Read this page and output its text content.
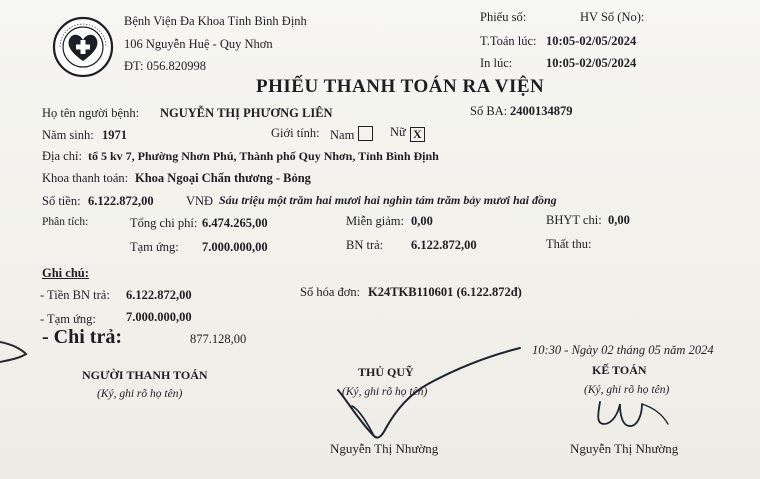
Bệnh Viện Đa Khoa Tỉnh Bình Định
106 Nguyễn Huệ - Quy Nhơn
ĐT: 056.820998
Phiếu số:	HV Số (No):
T.Toán lúc: 10:05-02/05/2024
In lúc:	10:05-02/05/2024
PHIẾU THANH TOÁN RA VIỆN
Họ tên người bệnh: NGUYỄN THỊ PHƯƠNG LIÊN	Số BA: 2400134879
Năm sinh: 1971	Giới tính: Nam	Nữ X
Địa chỉ: tổ 5 kv 7, Phường Nhơn Phú, Thành phố Quy Nhơn, Tỉnh Bình Định
Khoa thanh toán: Khoa Ngoại Chấn thương - Bỏng
Số tiền: 6.122.872,00	VNĐ Sáu triệu một trăm hai mươi hai nghìn tám trăm bảy mươi hai đồng
Phân tích:	Tổng chi phí: 6.474.265,00	Miễn giảm: 0,00	BHYT chi: 0,00
Tạm ứng: 7.000.000,00	BN trả: 6.122.872,00	Thất thu:
Ghi chú:
- Tiền BN trả: 6.122.872,00	Số hóa đơn: K24TKB110601 (6.122.872đ)
- Tạm ứng: 7.000.000,00
- Chi trả:	877.128,00
10:30 - Ngày 02 tháng 05 năm 2024
NGƯỜI THANH TOÁN
(Ký, ghi rõ họ tên)
THỦ QUỸ
(Ký, ghi rõ họ tên)
Nguyễn Thị Nhường
KẾ TOÁN
(Ký, ghi rõ họ tên)
Nguyễn Thị Nhường
